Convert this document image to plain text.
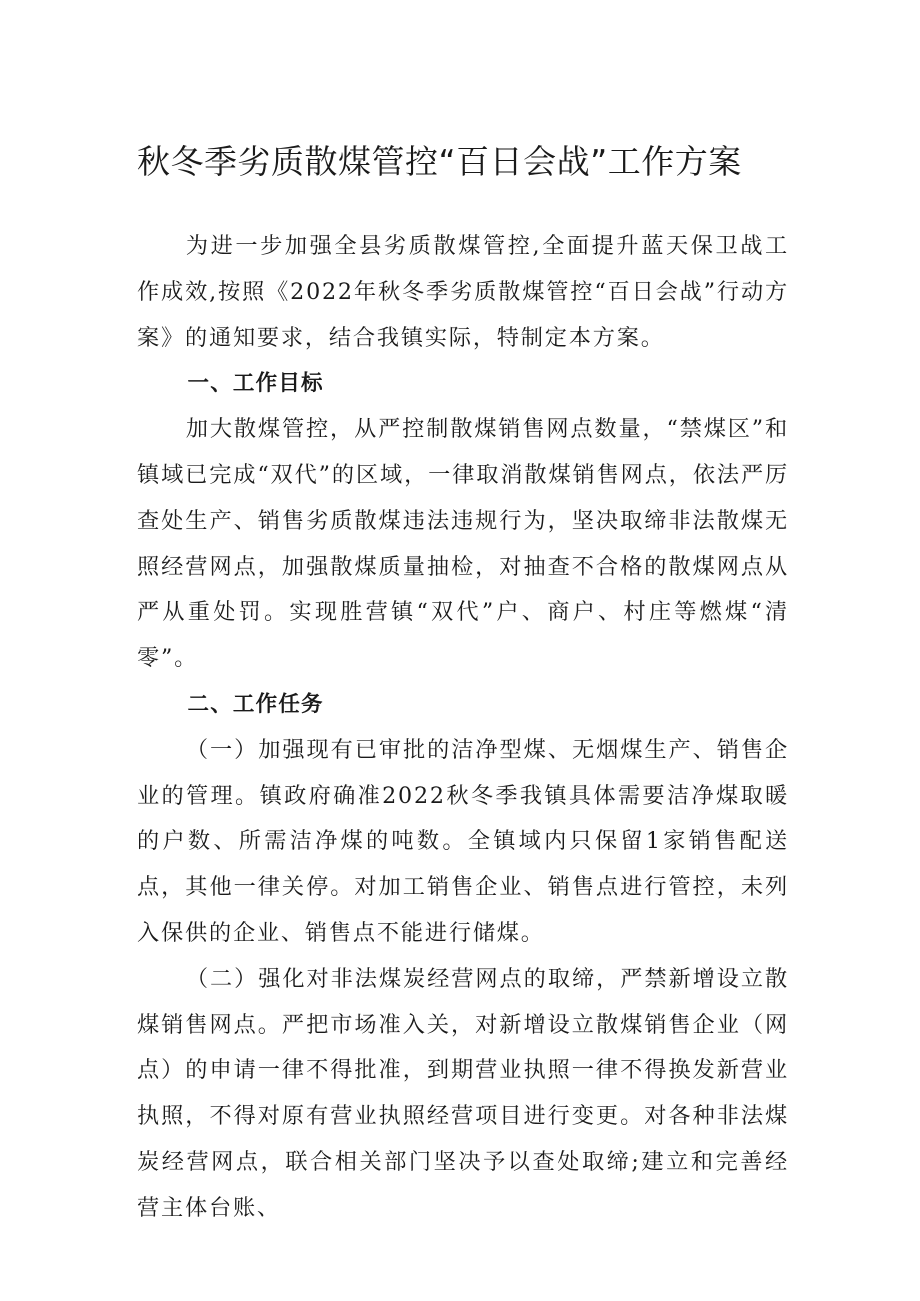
秋冬季劣质散煤管控“百日会战”工作方案

为进一步加强全县劣质散煤管控,全面提升蓝天保卫战工作成效,按照《2022年秋冬季劣质散煤管控“百日会战”行动方案》的通知要求，结合我镇实际，特制定本方案。

一、工作目标

加大散煤管控，从严控制散煤销售网点数量，“禁煤区”和镇域已完成“双代”的区域，一律取消散煤销售网点，依法严厉查处生产、销售劣质散煤违法违规行为，坚决取缔非法散煤无照经营网点，加强散煤质量抽检，对抽查不合格的散煤网点从严从重处罚。实现胜营镇“双代”户、商户、村庄等燃煤“清零”。

二、工作任务

（一）加强现有已审批的洁净型煤、无烟煤生产、销售企业的管理。镇政府确准2022秋冬季我镇具体需要洁净煤取暖的户数、所需洁净煤的吨数。全镇域内只保留1家销售配送点，其他一律关停。对加工销售企业、销售点进行管控，未列入保供的企业、销售点不能进行储煤。

（二）强化对非法煤炭经营网点的取缔，严禁新增设立散煤销售网点。严把市场准入关，对新增设立散煤销售企业（网点）的申请一律不得批准，到期营业执照一律不得换发新营业执照，不得对原有营业执照经营项目进行变更。对各种非法煤炭经营网点，联合相关部门坚决予以查处取缔;建立和完善经营主体台账、
